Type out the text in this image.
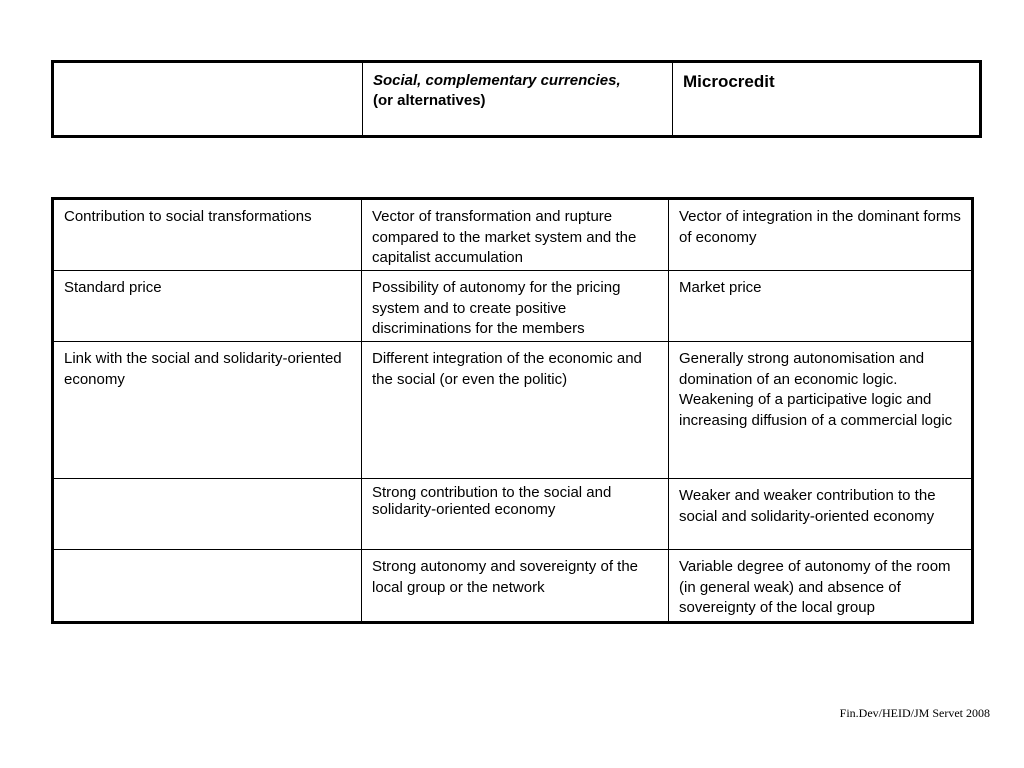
Social, complementary currencies,
(or alternatives)
Microcredit
Contribution to social transformations	Vector of transformation and rupture compared to the market system and the capitalist accumulation
Vector of integration in the dominant forms of economy
Standard price	Possibility of autonomy for the pricing system and to create positive discriminations for the members
Market price
Link with the social and solidarity-oriented economy
Different integration of the economic and the social (or even the politic)
Generally strong autonomisation and domination of an economic logic. Weakening of a participative logic and increasing diffusion of a commercial logic
Strong contribution to the social and solidarity-oriented economy
Weaker and weaker contribution to the social and solidarity-oriented economy
Strong autonomy and sovereignty of the local group or the network
Variable degree of autonomy of the room (in general weak) and absence of sovereignty of the local group
Fin.Dev/HEID/JM Servet 2008
